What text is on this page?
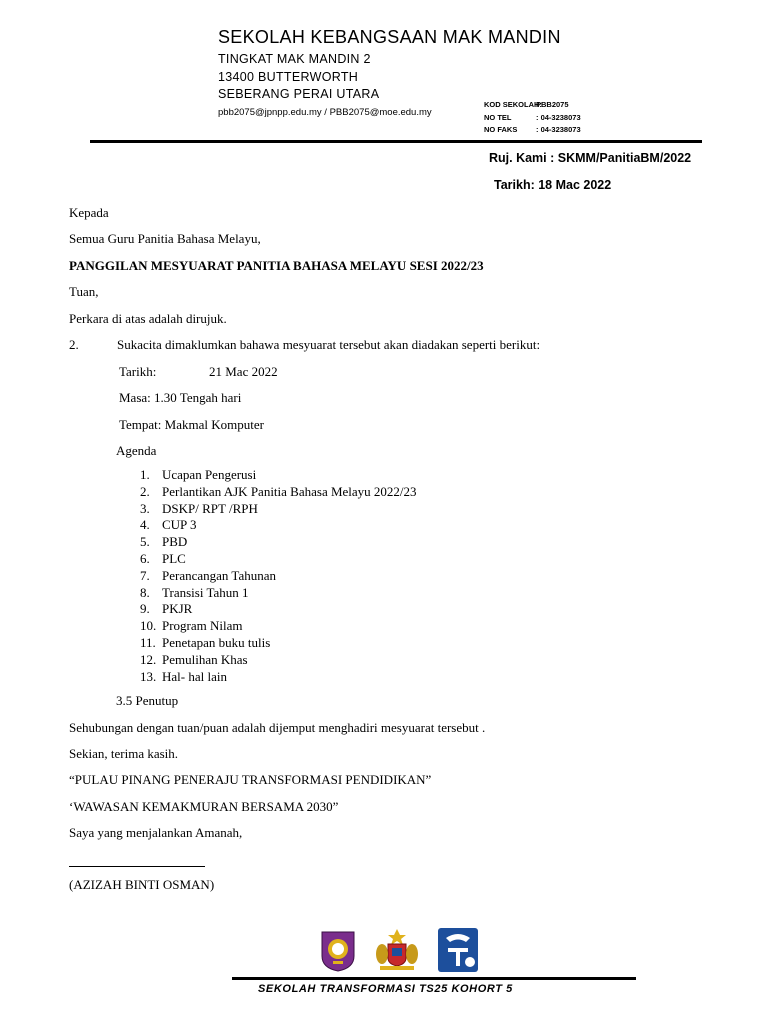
SEKOLAH KEBANGSAAN MAK MANDIN
TINGKAT MAK MANDIN 2
13400 BUTTERWORTH
SEBERANG PERAI UTARA
pbb2075@jpnpp.edu.my / PBB2075@moe.edu.my
KOD SEKOLAH:
PBB2075
NO TEL	: 04-3238073
NO FAKS	: 04-3238073
Ruj. Kami : SKMM/PanitiaBM/2022
Tarikh: 18 Mac 2022
Kepada
Semua Guru Panitia Bahasa Melayu,
PANGGILAN MESYUARAT PANITIA BAHASA MELAYU SESI 2022/23
Tuan,
Perkara di atas adalah dirujuk.
2.	Sukacita dimaklumkan bahawa mesyuarat tersebut akan diadakan seperti berikut:
Tarikh:	21 Mac 2022
Masa: 1.30 Tengah hari
Tempat: Makmal Komputer
Agenda
1. Ucapan Pengerusi
2. Perlantikan AJK Panitia Bahasa Melayu 2022/23
3. DSKP/ RPT /RPH
4. CUP 3
5. PBD
6. PLC
7. Perancangan Tahunan
8. Transisi Tahun 1
9. PKJR
10. Program Nilam
11. Penetapan buku tulis
12. Pemulihan Khas
13. Hal- hal lain
3.5 Penutup
Sehubungan dengan tuan/puan adalah dijemput menghadiri mesyuarat tersebut .
Sekian, terima kasih.
“PULAU PINANG PENERAJU TRANSFORMASI PENDIDIKAN”
‘WAWASAN KEMAKMURAN BERSAMA 2030”
Saya yang menjalankan Amanah,
(AZIZAH BINTI OSMAN)
SEKOLAH TRANSFORMASI TS25 KOHORT 5
